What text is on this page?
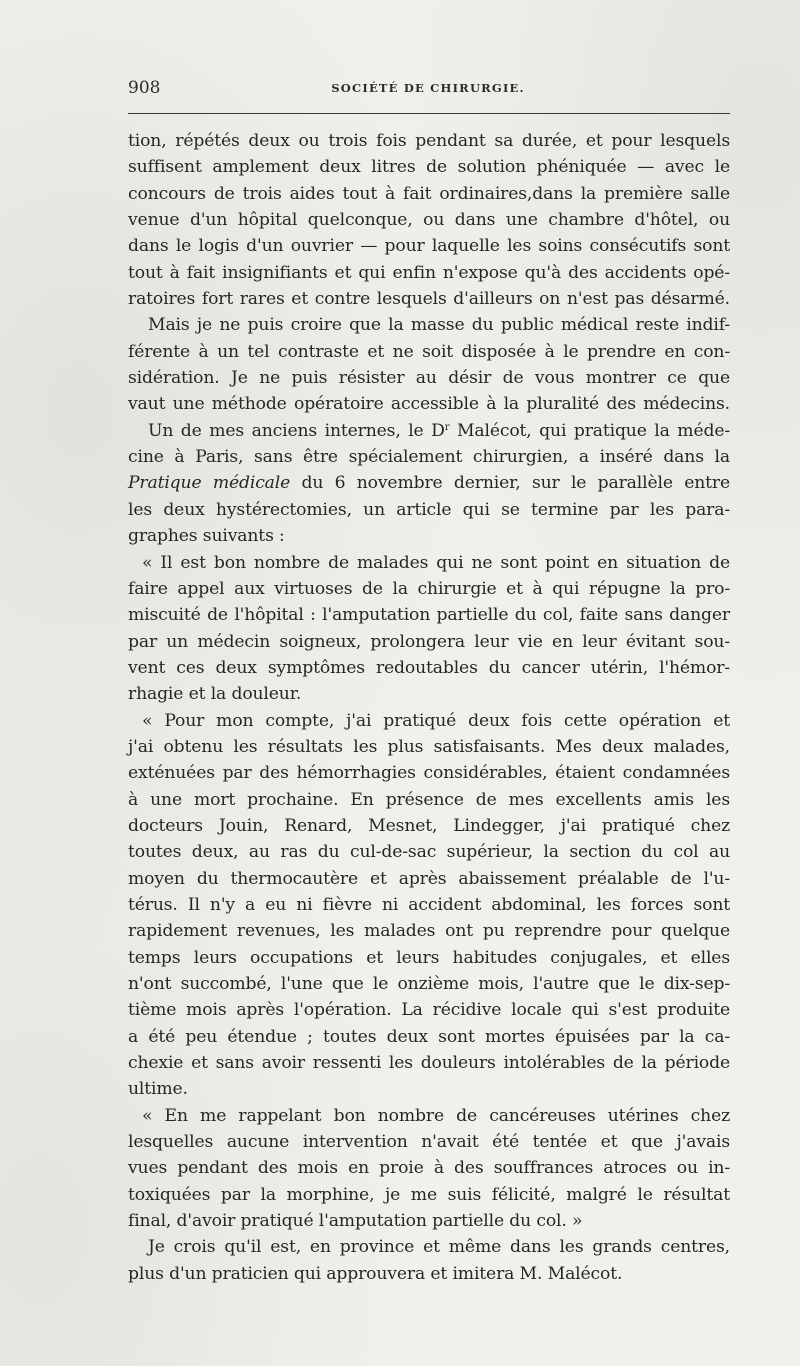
908	SOCIÉTÉ DE CHIRURGIE.
tion, répétés deux ou trois fois pendant sa durée, et pour lesquels
suffisent amplement deux litres de solution phéniquée — avec le
concours de trois aides tout à fait ordinaires,dans la première salle
venue d'un hôpital quelconque, ou dans une chambre d'hôtel, ou
dans le logis d'un ouvrier — pour laquelle les soins consécutifs sont
tout à fait insignifiants et qui enfin n'expose qu'à des accidents opé-
ratoires fort rares et contre lesquels d'ailleurs on n'est pas désarmé.
Mais je ne puis croire que la masse du public médical reste indif-
férente à un tel contraste et ne soit disposée à le prendre en con-
sidération. Je ne puis résister au désir de vous montrer ce que
vaut une méthode opératoire accessible à la pluralité des médecins.
Un de mes anciens internes, le $D^r$ Malécot, qui pratique la méde-
cine à Paris, sans être spécialement chirurgien, a inséré dans la
Pratique médicale du 6 novembre dernier, sur le parallèle entre
les deux hystérectomies, un article qui se termine par les para-
graphes suivants :
« Il est bon nombre de malades qui ne sont point en situation de
faire appel aux virtuoses de la chirurgie et à qui répugne la pro-
miscuité de l'hôpital : l'amputation partielle du col, faite sans danger
par un médecin soigneux, prolongera leur vie en leur évitant sou-
vent ces deux symptômes redoutables du cancer utérin, l'hémor-
rhagie et la douleur.
« Pour mon compte, j'ai pratiqué deux fois cette opération et
j'ai obtenu les résultats les plus satisfaisants. Mes deux malades,
exténuées par des hémorrhagies considérables, étaient condamnées
à une mort prochaine. En présence de mes excellents amis les
docteurs Jouin, Renard, Mesnet, Lindegger, j'ai pratiqué chez
toutes deux, au ras du cul-de-sac supérieur, la section du col au
moyen du thermocautère et après abaissement préalable de l'u-
térus. Il n'y a eu ni fièvre ni accident abdominal, les forces sont
rapidement revenues, les malades ont pu reprendre pour quelque
temps leurs occupations et leurs habitudes conjugales, et elles
n'ont succombé, l'une que le onzième mois, l'autre que le dix-sep-
tième mois après l'opération. La récidive locale qui s'est produite
a été peu étendue ; toutes deux sont mortes épuisées par la ca-
chexie et sans avoir ressenti les douleurs intolérables de la période
ultime.
« En me rappelant bon nombre de cancéreuses utérines chez
lesquelles aucune intervention n'avait été tentée et que j'avais
vues pendant des mois en proie à des souffrances atroces ou in-
toxiquées par la morphine, je me suis félicité, malgré le résultat
final, d'avoir pratiqué l'amputation partielle du col. »
Je crois qu'il est, en province et même dans les grands centres,
plus d'un praticien qui approuvera et imitera M. Malécot.
